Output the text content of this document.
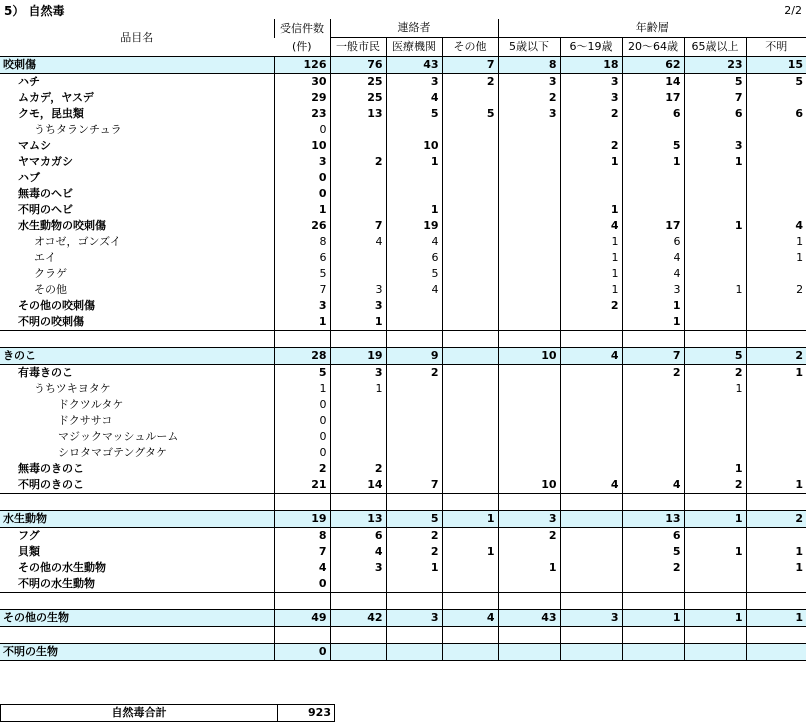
5） 自然毒	2/2
品目名	受信件数	連絡者			年齢層				
	(件)	一般市民	医療機関	その他	5歳以下	6～19歳	20～64歳	65歳以上	不明
咬刺傷	126	76	43	7	8	18	62	23	15
ハチ	30	25	3	2	3	3	14	5	5
ムカデ，ヤスデ	29	25	4		2	3	17	7	
クモ，昆虫類	23	13	5	5	3	2	6	6	6
うちタランチュラ	0								
マムシ	10		10			2	5	3	
ヤマカガシ	3	2	1			1	1	1	
ハブ	0								
無毒のヘビ	0								
不明のヘビ	1		1			1			
水生動物の咬刺傷	26	7	19			4	17	1	4
オコゼ，ゴンズイ	8	4	4			1	6		1
エイ	6		6			1	4		1
クラゲ	5		5			1	4		
その他	7	3	4			1	3	1	2
その他の咬刺傷	3	3				2	1		
不明の咬刺傷	1	1					1		

きのこ	28	19	9		10	4	7	5	2
有毒きのこ	5	3	2				2	2	1
うちツキヨタケ	1	1						1	
ドクツルタケ	0								
ドクササコ	0								
マジックマッシュルーム	0								
シロタマゴテングタケ	0								
無毒のきのこ	2	2						1	
不明のきのこ	21	14	7		10	4	4	2	1

水生動物	19	13	5	1	3		13	1	2
フグ	8	6	2		2		6		
貝類	7	4	2	1			5	1	1
その他の水生動物	4	3	1		1		2		1
不明の水生動物	0								

その他の生物	49	42	3	4	43	3	1	1	1

不明の生物	0								
自然毒合計	923
